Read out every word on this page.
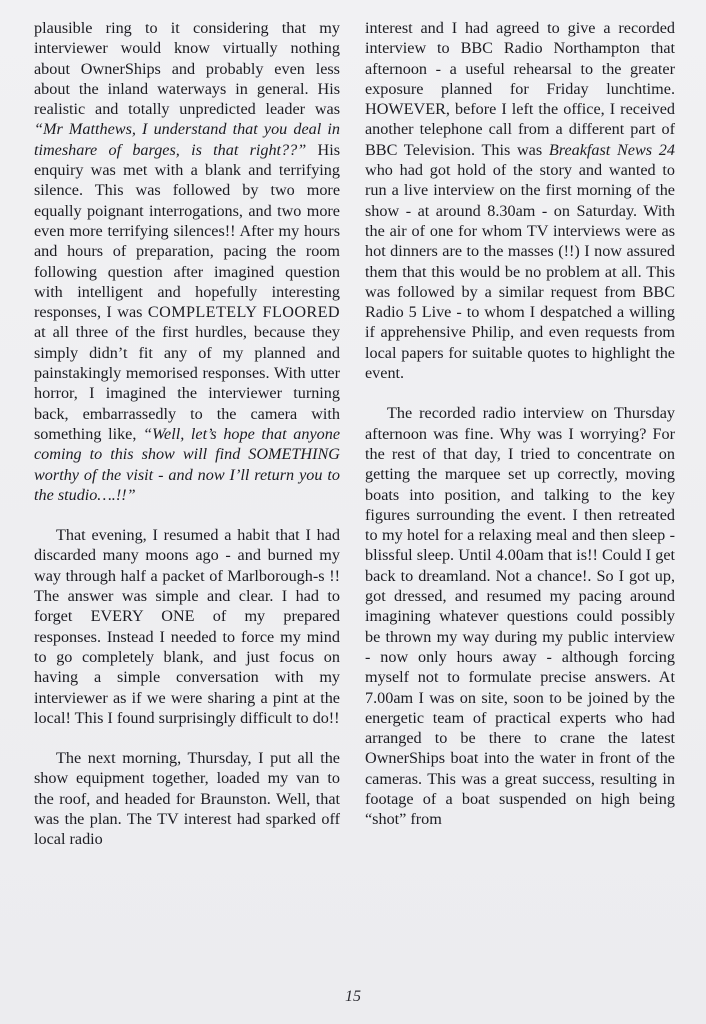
plausible ring to it considering that my interviewer would know virtually nothing about OwnerShips and probably even less about the inland waterways in general. His realistic and totally unpredicted leader was “Mr Matthews, I understand that you deal in timeshare of barges, is that right??” His enquiry was met with a blank and terrifying silence. This was followed by two more equally poignant interrogations, and two more even more terrifying silences!! After my hours and hours of preparation, pacing the room following question after imagined question with intelligent and hopefully interesting responses, I was COMPLETELY FLOORED at all three of the first hurdles, because they simply didn’t fit any of my planned and painstakingly memorised responses. With utter horror, I imagined the interviewer turning back, embarrassedly to the camera with something like, “Well, let’s hope that anyone coming to this show will find SOMETHING worthy of the visit - and now I’ll return you to the studio….!!”

That evening, I resumed a habit that I had discarded many moons ago - and burned my way through half a packet of Marlborough-s !! The answer was simple and clear. I had to forget EVERY ONE of my prepared responses. Instead I needed to force my mind to go completely blank, and just focus on having a simple conversation with my interviewer as if we were sharing a pint at the local! This I found surprisingly difficult to do!!

The next morning, Thursday, I put all the show equipment together, loaded my van to the roof, and headed for Braunston. Well, that was the plan. The TV interest had sparked off local radio

interest and I had agreed to give a recorded interview to BBC Radio Northampton that afternoon - a useful rehearsal to the greater exposure planned for Friday lunchtime. HOWEVER, before I left the office, I received another telephone call from a different part of BBC Television. This was Breakfast News 24 who had got hold of the story and wanted to run a live interview on the first morning of the show - at around 8.30am - on Saturday. With the air of one for whom TV interviews were as hot dinners are to the masses (!!) I now assured them that this would be no problem at all. This was followed by a similar request from BBC Radio 5 Live - to whom I despatched a willing if apprehensive Philip, and even requests from local papers for suitable quotes to highlight the event.

The recorded radio interview on Thursday afternoon was fine. Why was I worrying? For the rest of that day, I tried to concentrate on getting the marquee set up correctly, moving boats into position, and talking to the key figures surrounding the event. I then retreated to my hotel for a relaxing meal and then sleep - blissful sleep. Until 4.00am that is!! Could I get back to dreamland. Not a chance!. So I got up, got dressed, and resumed my pacing around imagining whatever questions could possibly be thrown my way during my public interview - now only hours away - although forcing myself not to formulate precise answers. At 7.00am I was on site, soon to be joined by the energetic team of practical experts who had arranged to be there to crane the latest OwnerShips boat into the water in front of the cameras. This was a great success, resulting in footage of a boat suspended on high being “shot” from

15
